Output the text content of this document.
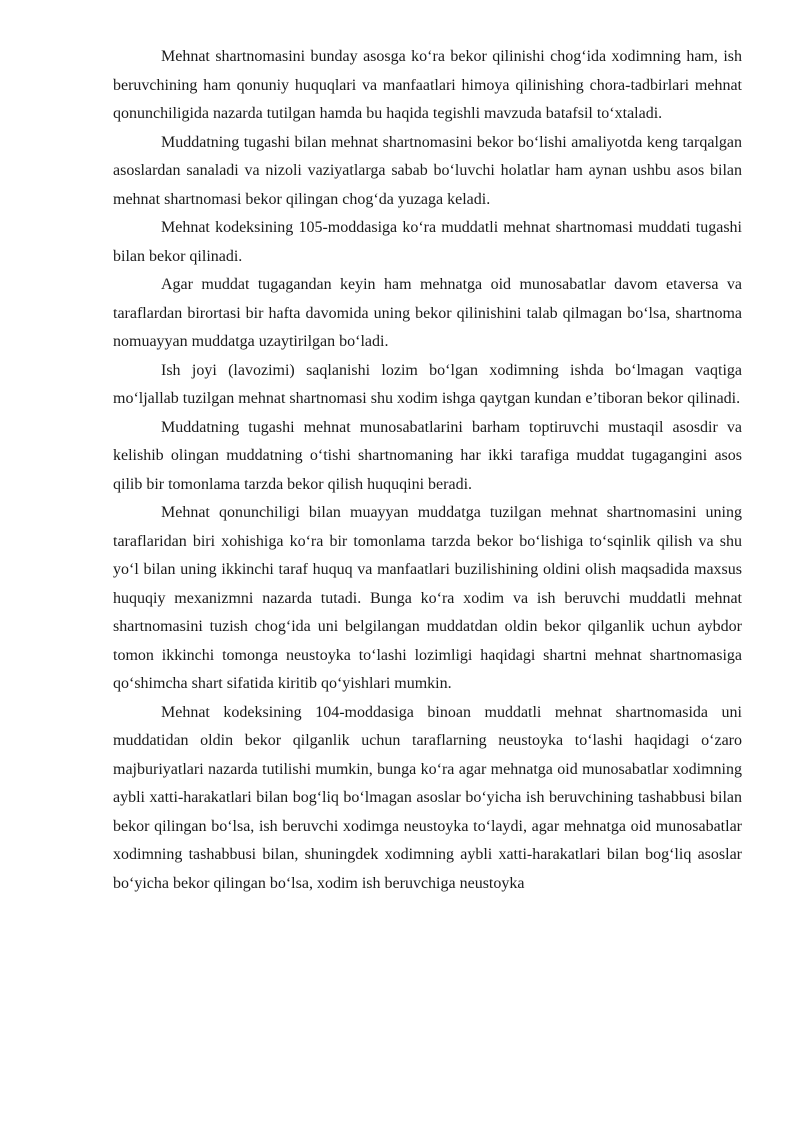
Mehnat shartnomasini bunday asosga ko‘ra bekor qilinishi chog‘ida xodimning ham, ish beruvchining ham qonuniy huquqlari va manfaatlari himoya qilinishing chora-tadbirlari mehnat qonunchiligida nazarda tutilgan hamda bu haqida tegishli mavzuda batafsil to‘xtaladi.

Muddatning tugashi bilan mehnat shartnomasini bekor bo‘lishi amaliyotda keng tarqalgan asoslardan sanaladi va nizoli vaziyatlarga sabab bo‘luvchi holatlar ham aynan ushbu asos bilan mehnat shartnomasi bekor qilingan chog‘da yuzaga keladi.

Mehnat kodeksining 105-moddasiga ko‘ra muddatli mehnat shartnomasi muddati tugashi bilan bekor qilinadi.

Agar muddat tugagandan keyin ham mehnatga oid munosabatlar davom etaversa va taraflardan birortasi bir hafta davomida uning bekor qilinishini talab qilmagan bo‘lsa, shartnoma nomuayyan muddatga uzaytirilgan bo‘ladi.

Ish joyi (lavozimi) saqlanishi lozim bo‘lgan xodimning ishda bo‘lmagan vaqtiga mo‘ljallab tuzilgan mehnat shartnomasi shu xodim ishga qaytgan kundan e’tiboran bekor qilinadi.

Muddatning tugashi mehnat munosabatlarini barham toptiruvchi mustaqil asosdir va kelishib olingan muddatning o‘tishi shartnomaning har ikki tarafiga muddat tugagangini asos qilib bir tomonlama tarzda bekor qilish huquqini beradi.

Mehnat qonunchiligi bilan muayyan muddatga tuzilgan mehnat shartnomasini uning taraflaridan biri xohishiga ko‘ra bir tomonlama tarzda bekor bo‘lishiga to‘sqinlik qilish va shu yo‘l bilan uning ikkinchi taraf huquq va manfaatlari buzilishining oldini olish maqsadida maxsus huquqiy mexanizmni nazarda tutadi. Bunga ko‘ra xodim va ish beruvchi muddatli mehnat shartnomasini tuzish chog‘ida uni belgilangan muddatdan oldin bekor qilganlik uchun aybdor tomon ikkinchi tomonga neustoyka to‘lashi lozimligi haqidagi shartni mehnat shartnomasiga qo‘shimcha shart sifatida kiritib qo‘yishlari mumkin.

Mehnat kodeksining 104-moddasiga binoan muddatli mehnat shartnomasida uni muddatidan oldin bekor qilganlik uchun taraflarning neustoyka to‘lashi haqidagi o‘zaro majburiyatlari nazarda tutilishi mumkin, bunga ko‘ra agar mehnatga oid munosabatlar xodimning aybli xatti-harakatlari bilan bog‘liq bo‘lmagan asoslar bo‘yicha ish beruvchining tashabbusi bilan bekor qilingan bo‘lsa, ish beruvchi xodimga neustoyka to‘laydi, agar mehnatga oid munosabatlar xodimning tashabbusi bilan, shuningdek xodimning aybli xatti-harakatlari bilan bog‘liq asoslar bo‘yicha bekor qilingan bo‘lsa, xodim ish beruvchiga neustoyka
